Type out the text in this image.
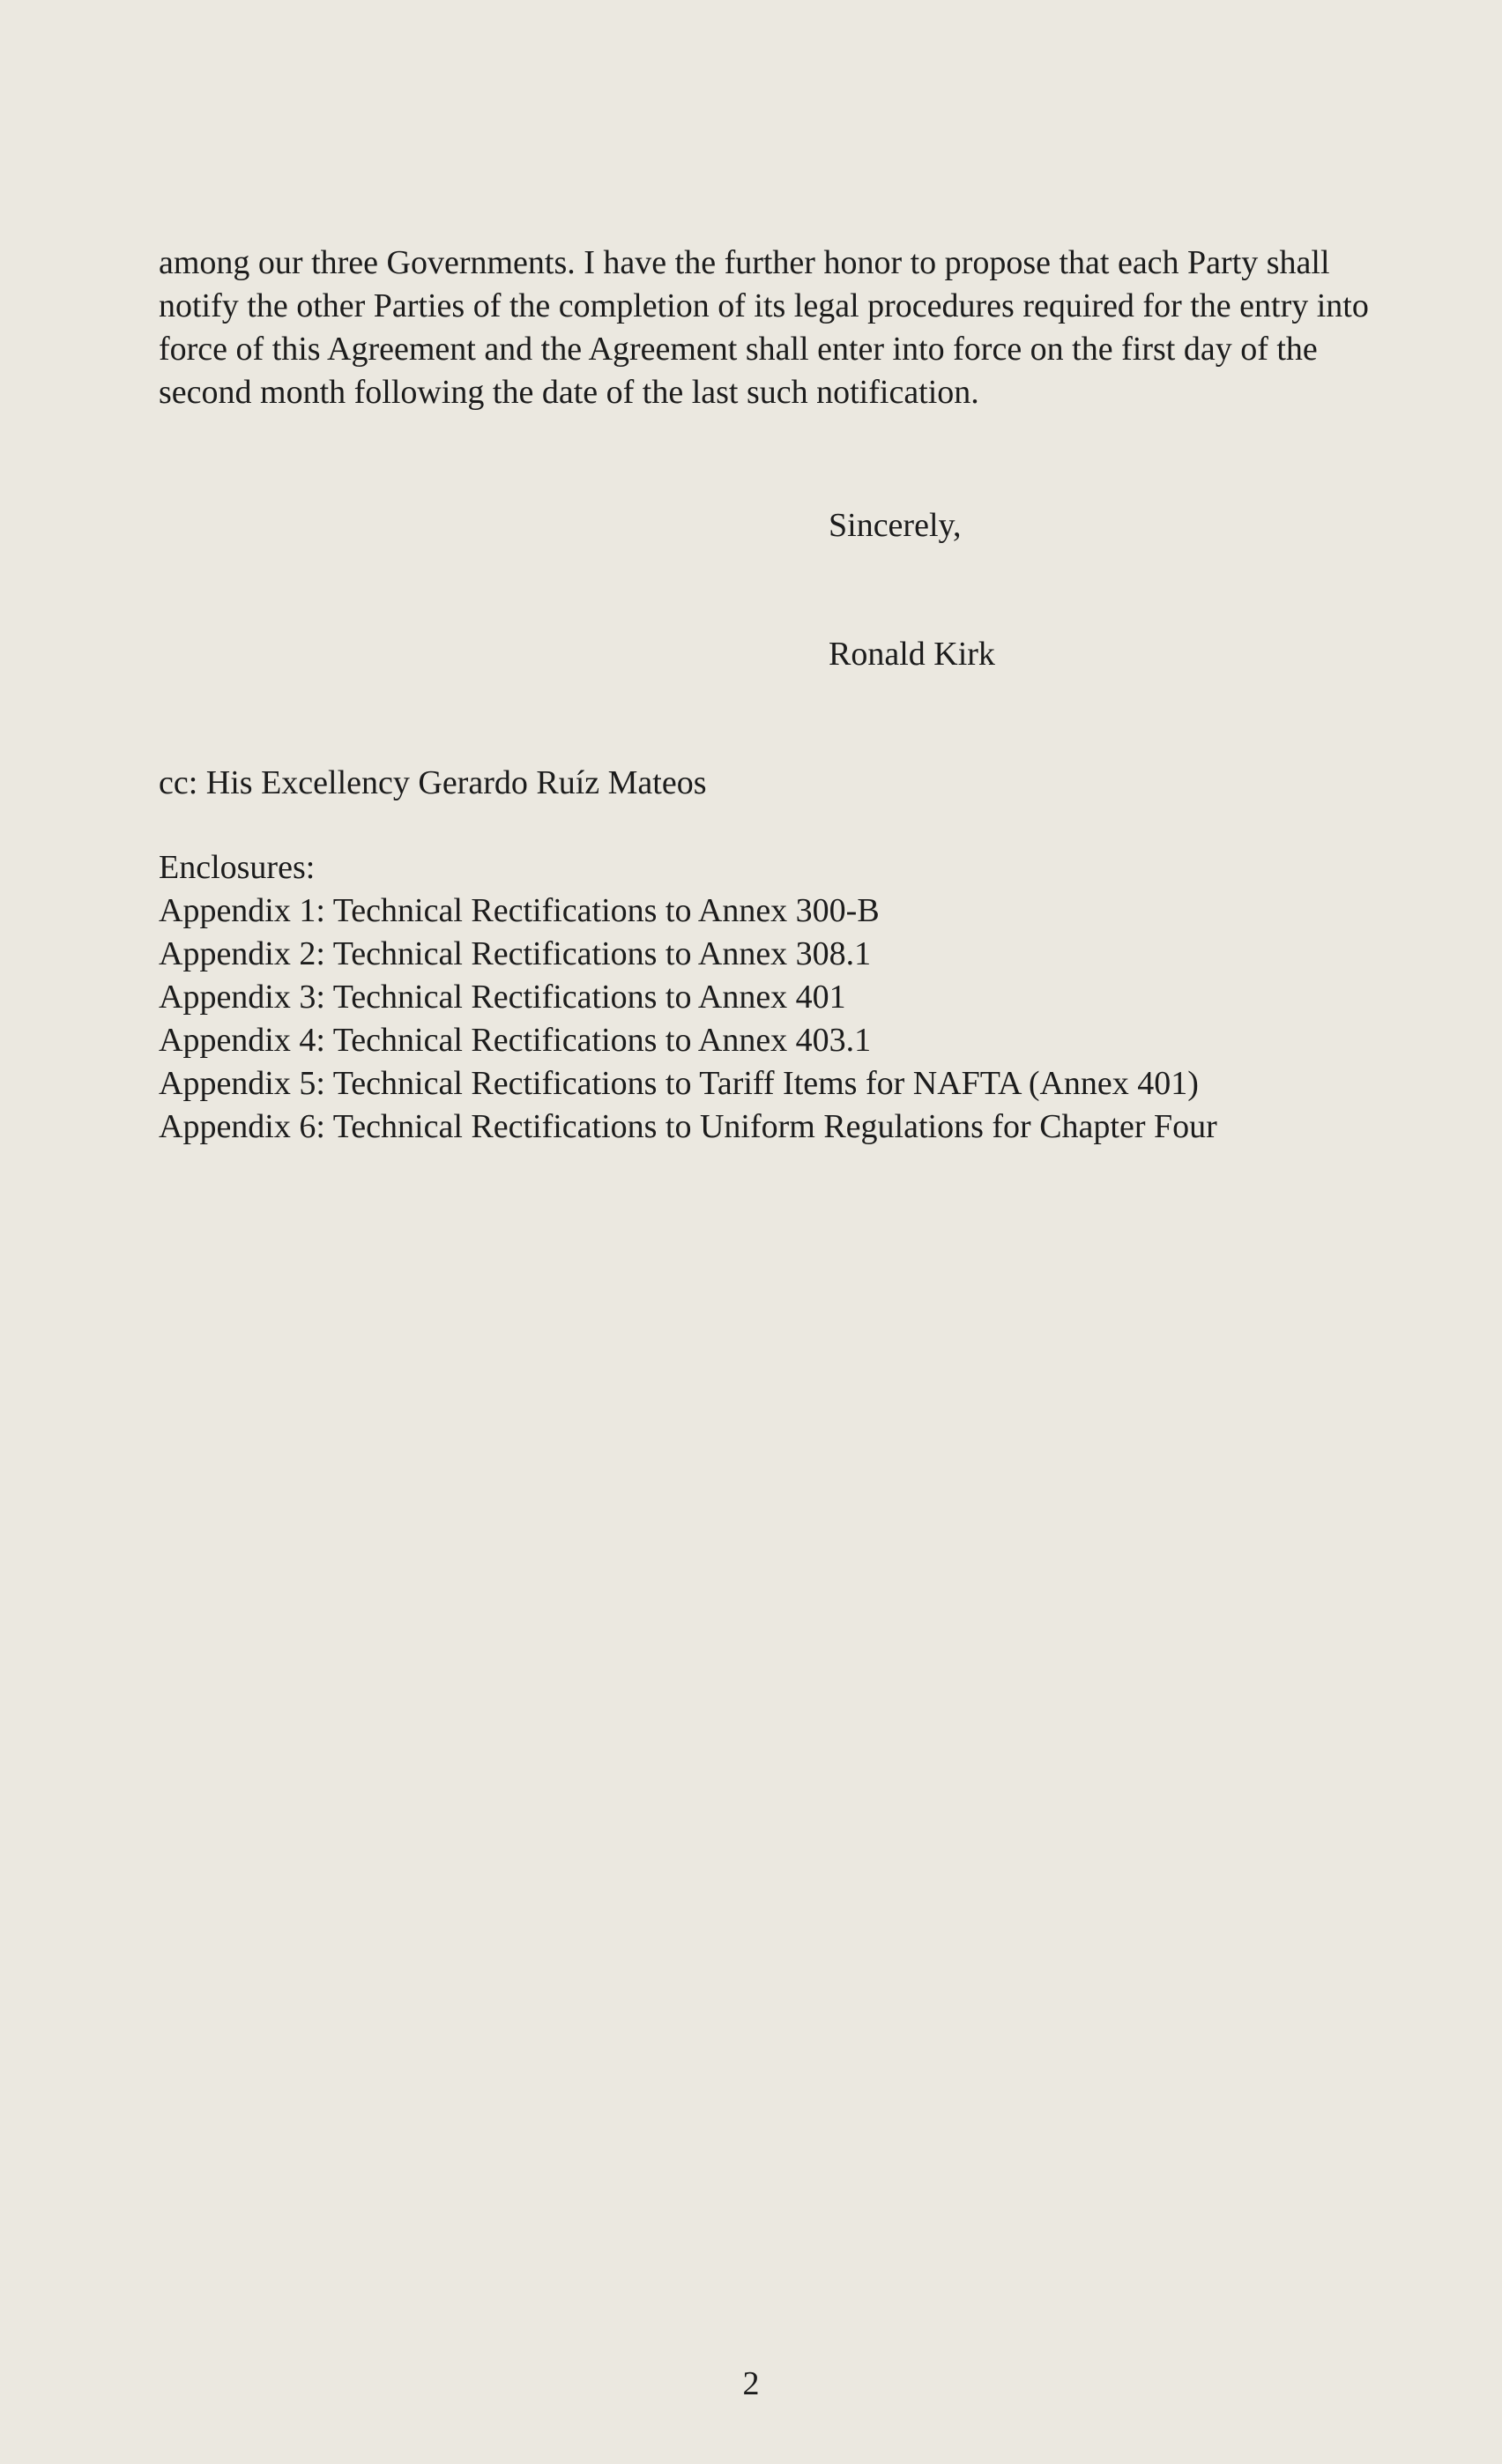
among our three Governments. I have the further honor to propose that each Party shall notify the other Parties of the completion of its legal procedures required for the entry into force of this Agreement and the Agreement shall enter into force on the first day of the second month following the date of the last such notification.

Sincerely,

Ronald Kirk

cc: His Excellency Gerardo Ruíz Mateos

Enclosures:
Appendix 1: Technical Rectifications to Annex 300-B
Appendix 2: Technical Rectifications to Annex 308.1
Appendix 3: Technical Rectifications to Annex 401
Appendix 4: Technical Rectifications to Annex 403.1
Appendix 5: Technical Rectifications to Tariff Items for NAFTA (Annex 401)
Appendix 6: Technical Rectifications to Uniform Regulations for Chapter Four

2
